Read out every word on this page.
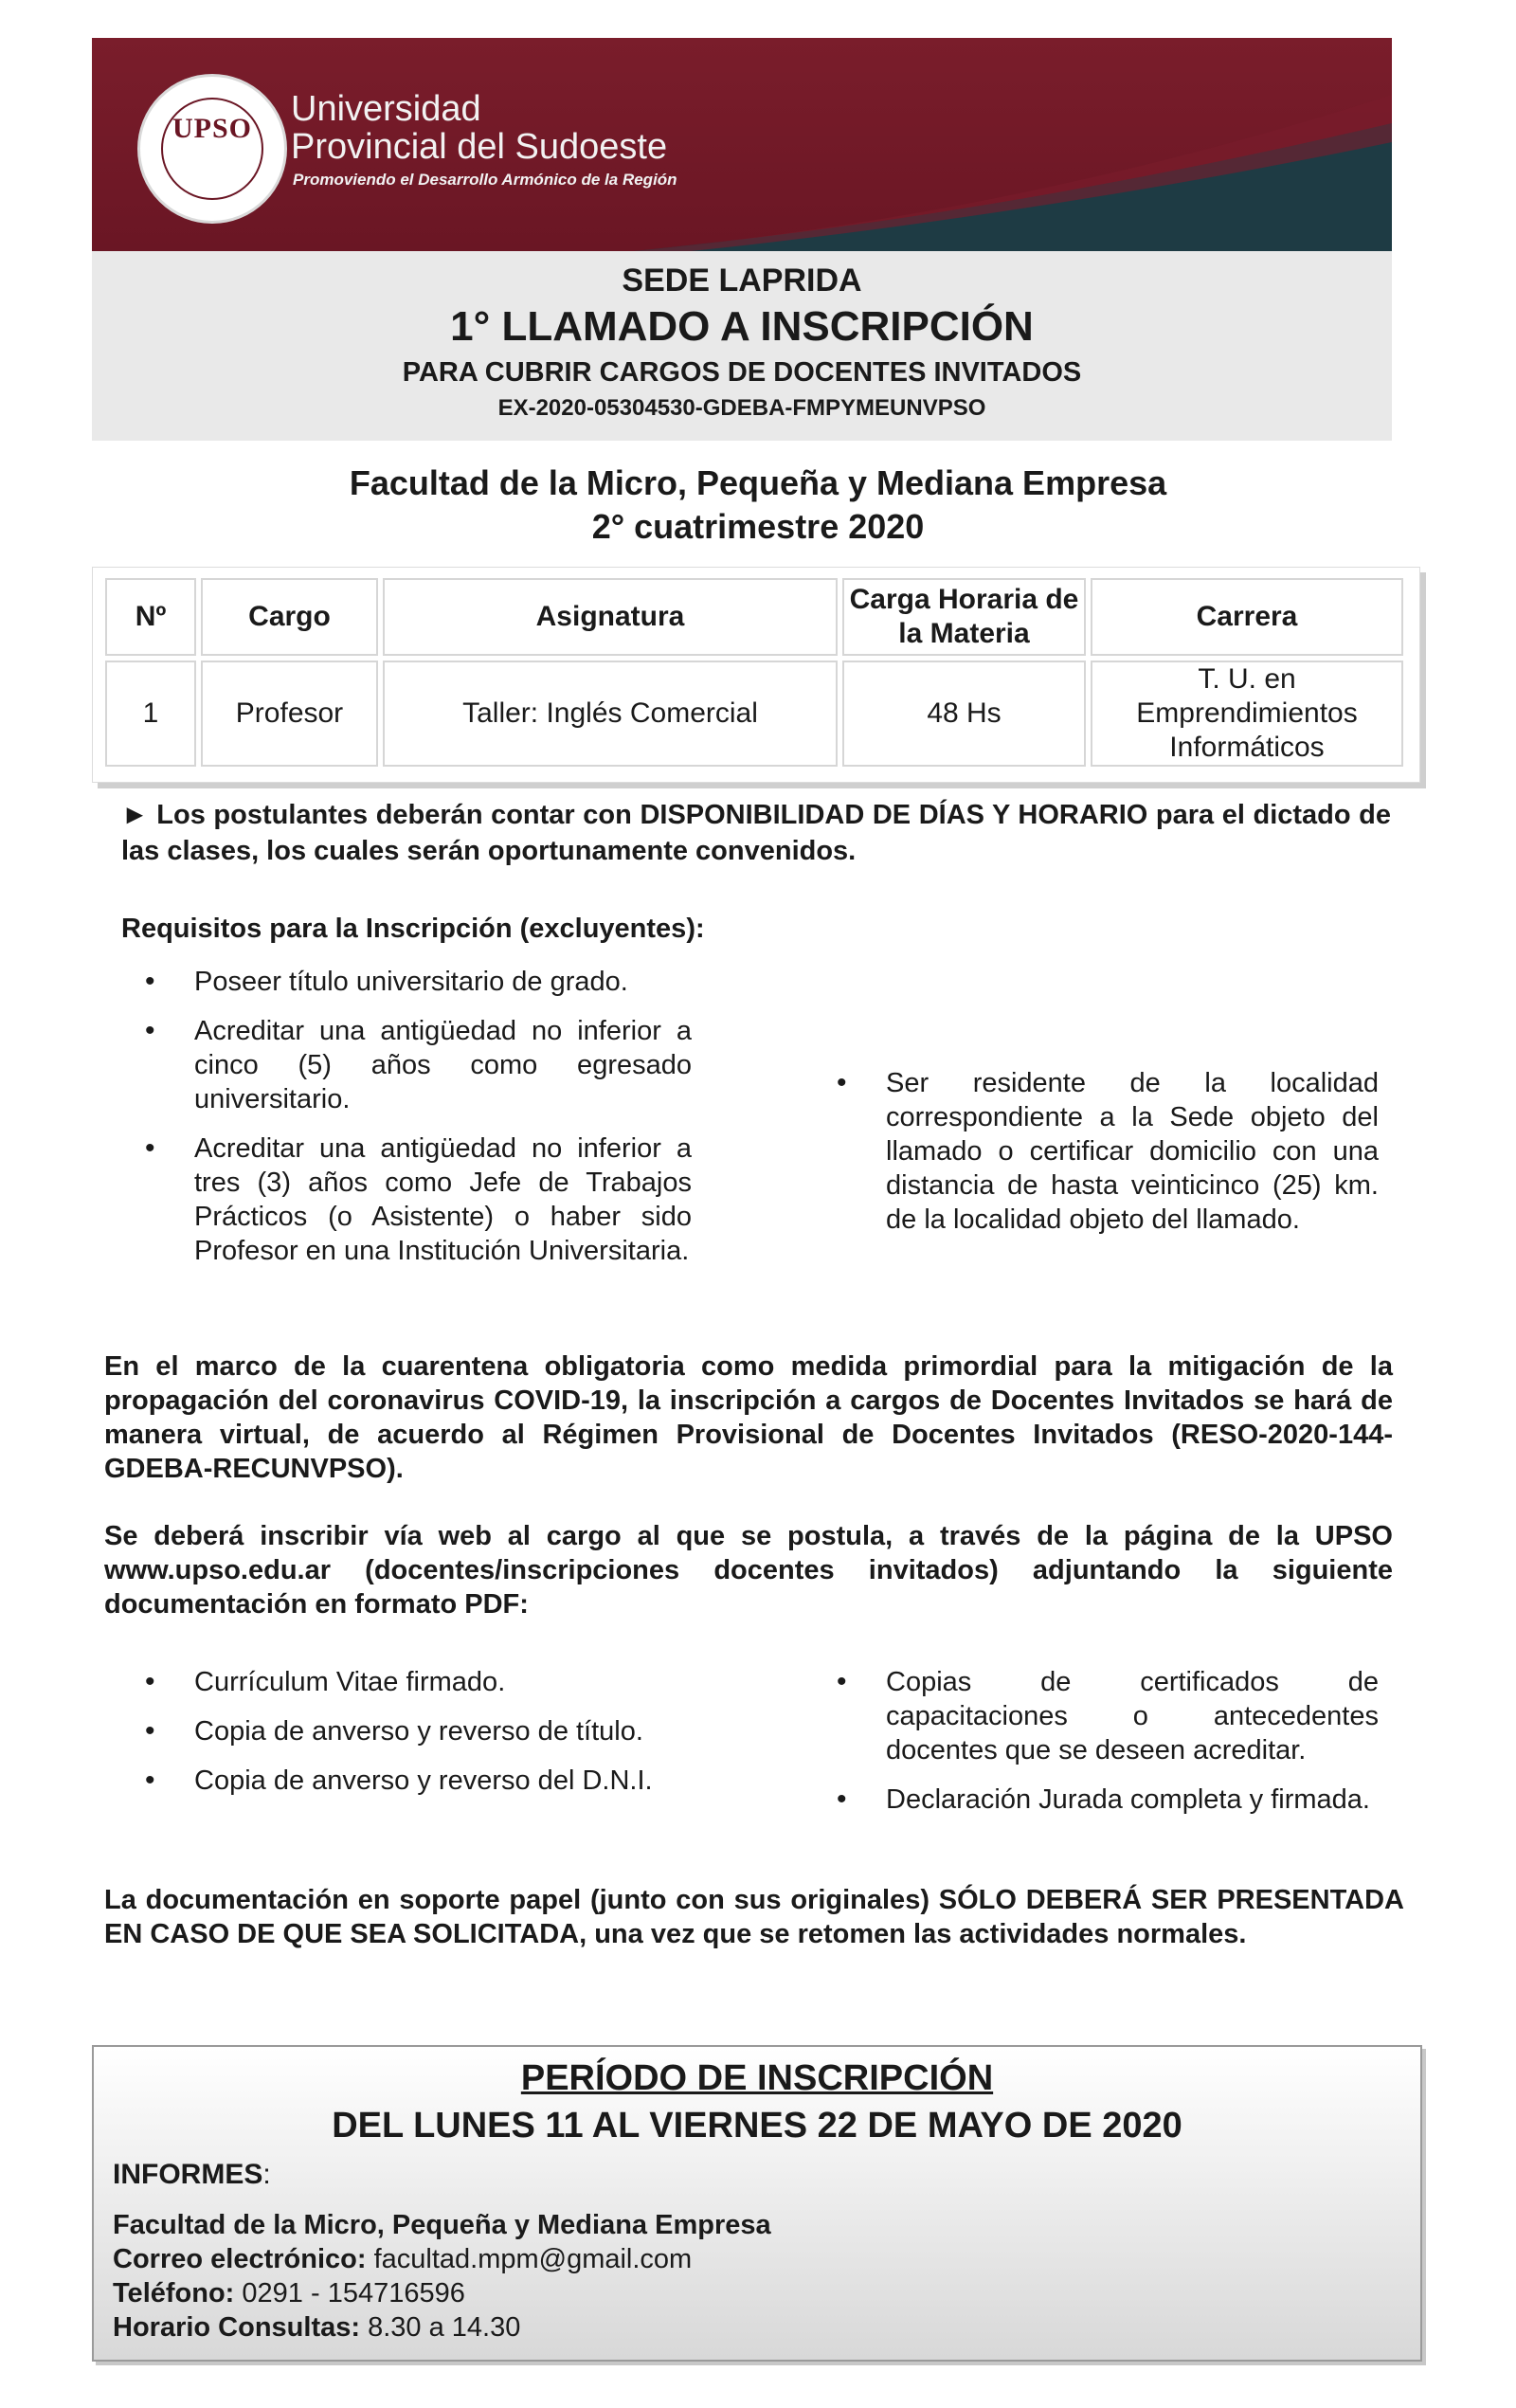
UPSO	Universidad
Provincial del Sudoeste
Promoviendo el Desarrollo Armónico de la Región
SEDE LAPRIDA
1° LLAMADO A INSCRIPCIÓN
PARA CUBRIR CARGOS DE DOCENTES INVITADOS
EX-2020-05304530-GDEBA-FMPYMEUNVPSO
Facultad de la Micro, Pequeña y Mediana Empresa
2° cuatrimestre 2020
Nº	Cargo	Asignatura	Carga Horaria de la Materia	Carrera
1	Profesor	Taller: Inglés Comercial	48 Hs	T. U. en Emprendimientos Informáticos
► Los postulantes deberán contar con DISPONIBILIDAD DE DÍAS Y HORARIO para el dictado de las clases, los cuales serán oportunamente convenidos.
Requisitos para la Inscripción (excluyentes):
• Poseer título universitario de grado.
• Acreditar una antigüedad no inferior a cinco (5) años como egresado universitario.
• Acreditar una antigüedad no inferior a tres (3) años como Jefe de Trabajos Prácticos (o Asistente) o haber sido Profesor en una Institución Universitaria.
• Ser residente de la localidad correspondiente a la Sede objeto del llamado o certificar domicilio con una distancia de hasta veinticinco (25) km. de la localidad objeto del llamado.
En el marco de la cuarentena obligatoria como medida primordial para la mitigación de la propagación del coronavirus COVID-19, la inscripción a cargos de Docentes Invitados se hará de manera virtual, de acuerdo al Régimen Provisional de Docentes Invitados (RESO-2020-144-GDEBA-RECUNVPSO).
Se deberá inscribir vía web al cargo al que se postula, a través de la página de la UPSO www.upso.edu.ar (docentes/inscripciones docentes invitados) adjuntando la siguiente documentación en formato PDF:
• Currículum Vitae firmado.
• Copia de anverso y reverso de título.
• Copia de anverso y reverso del D.N.I.
• Copias de certificados de capacitaciones o antecedentes docentes que se deseen acreditar.
• Declaración Jurada completa y firmada.
La documentación en soporte papel (junto con sus originales) SÓLO DEBERÁ SER PRESENTADA EN CASO DE QUE SEA SOLICITADA, una vez que se retomen las actividades normales.
PERÍODO DE INSCRIPCIÓN
DEL LUNES 11 AL VIERNES 22 DE MAYO DE 2020
INFORMES:
Facultad de la Micro, Pequeña y Mediana Empresa
Correo electrónico: facultad.mpm@gmail.com
Teléfono: 0291 - 154716596
Horario Consultas: 8.30 a 14.30
